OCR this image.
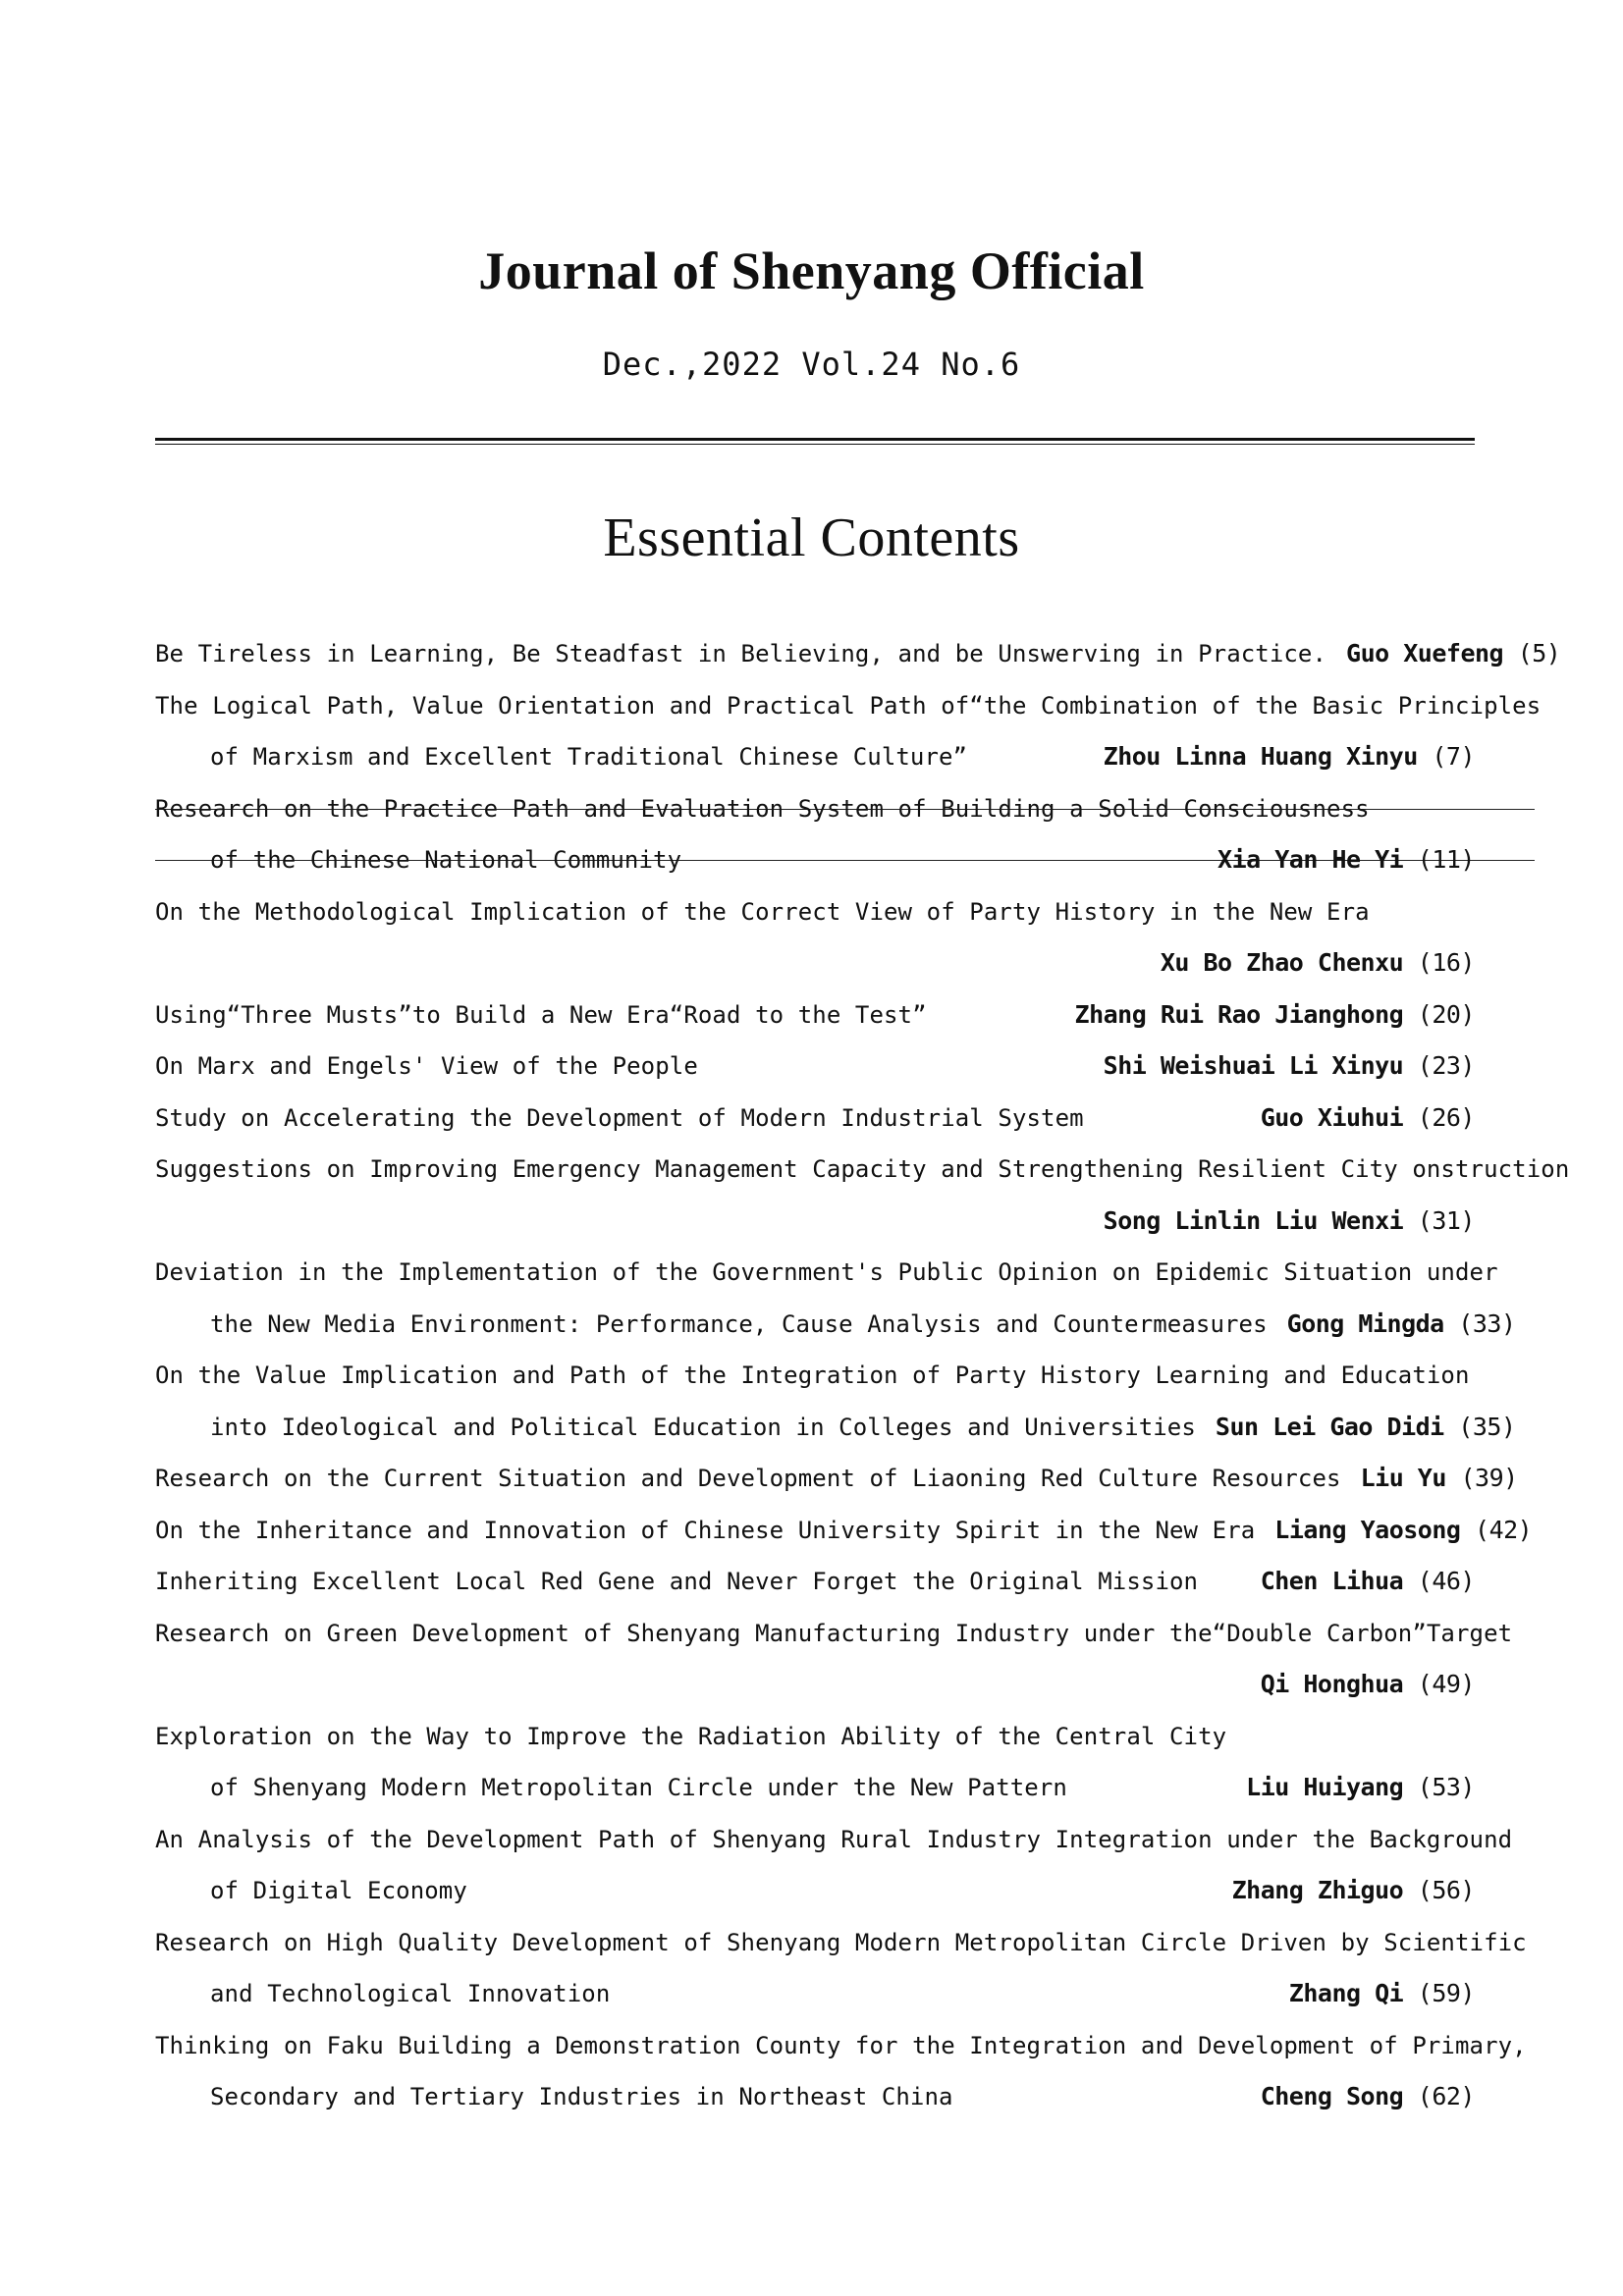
Journal of Shenyang Official
Dec.,2022 Vol.24 No.6
Essential Contents
Be Tireless in Learning, Be Steadfast in Believing, and be Unswerving in Practice. Guo Xuefeng (5)
The Logical Path, Value Orientation and Practical Path of“the Combination of the Basic Principles
of Marxism and Excellent Traditional Chinese Culture”	Zhou Linna Huang Xinyu (7)
Research on the Practice Path and Evaluation System of Building a Solid Consciousness
of the Chinese National Community	Xia Yan He Yi (11)
On the Methodological Implication of the Correct View of Party History in the New Era
Xu Bo Zhao Chenxu (16)
Using“Three Musts”to Build a New Era“Road to the Test”	Zhang Rui Rao Jianghong (20)
On Marx and Engels' View of the People	Shi Weishuai Li Xinyu (23)
Study on Accelerating the Development of Modern Industrial System	Guo Xiuhui (26)
Suggestions on Improving Emergency Management Capacity and Strengthening Resilient City onstruction
Song Linlin Liu Wenxi (31)
Deviation in the Implementation of the Government's Public Opinion on Epidemic Situation under
the New Media Environment: Performance, Cause Analysis and Countermeasures Gong Mingda (33)
On the Value Implication and Path of the Integration of Party History Learning and Education
into Ideological and Political Education in Colleges and Universities Sun Lei Gao Didi (35)
Research on the Current Situation and Development of Liaoning Red Culture Resources Liu Yu (39)
On the Inheritance and Innovation of Chinese University Spirit in the New Era Liang Yaosong (42)
Inheriting Excellent Local Red Gene and Never Forget the Original Mission	Chen Lihua (46)
Research on Green Development of Shenyang Manufacturing Industry under the“Double Carbon”Target
Qi Honghua (49)
Exploration on the Way to Improve the Radiation Ability of the Central City
of Shenyang Modern Metropolitan Circle under the New Pattern	Liu Huiyang (53)
An Analysis of the Development Path of Shenyang Rural Industry Integration under the Background
of Digital Economy	Zhang Zhiguo (56)
Research on High Quality Development of Shenyang Modern Metropolitan Circle Driven by Scientific
and Technological Innovation	Zhang Qi (59)
Thinking on Faku Building a Demonstration County for the Integration and Development of Primary,
Secondary and Tertiary Industries in Northeast China	Cheng Song (62)
